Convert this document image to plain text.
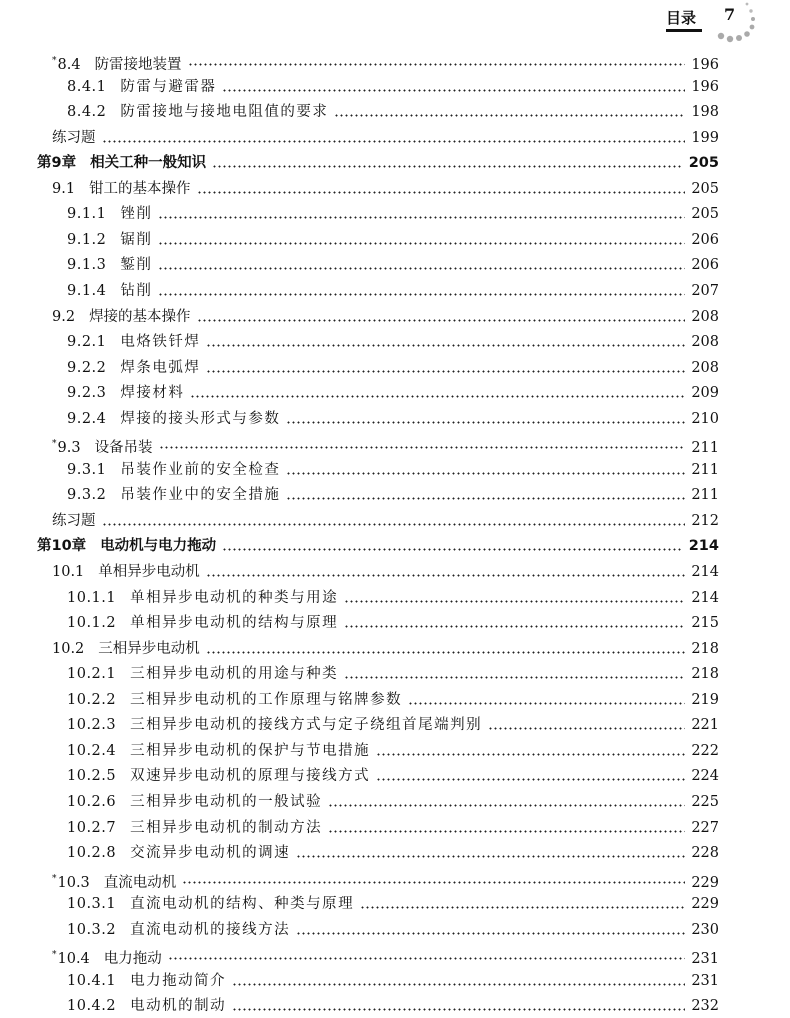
目录 7
*8.4 防雷接地装置	196
8.4.1 防雷与避雷器	196
8.4.2 防雷接地与接地电阻值的要求	198
练习题	199
第9章 相关工种一般知识	205
9.1 钳工的基本操作	205
9.1.1 锉削	205
9.1.2 锯削	206
9.1.3 錾削	206
9.1.4 钻削	207
9.2 焊接的基本操作	208
9.2.1 电烙铁钎焊	208
9.2.2 焊条电弧焊	208
9.2.3 焊接材料	209
9.2.4 焊接的接头形式与参数	210
*9.3 设备吊装	211
9.3.1 吊装作业前的安全检查	211
9.3.2 吊装作业中的安全措施	211
练习题	212
第10章 电动机与电力拖动	214
10.1 单相异步电动机	214
10.1.1 单相异步电动机的种类与用途	214
10.1.2 单相异步电动机的结构与原理	215
10.2 三相异步电动机	218
10.2.1 三相异步电动机的用途与种类	218
10.2.2 三相异步电动机的工作原理与铭牌参数	219
10.2.3 三相异步电动机的接线方式与定子绕组首尾端判别	221
10.2.4 三相异步电动机的保护与节电措施	222
10.2.5 双速异步电动机的原理与接线方式	224
10.2.6 三相异步电动机的一般试验	225
10.2.7 三相异步电动机的制动方法	227
10.2.8 交流异步电动机的调速	228
*10.3 直流电动机	229
10.3.1 直流电动机的结构、种类与原理	229
10.3.2 直流电动机的接线方法	230
*10.4 电力拖动	231
10.4.1 电力拖动简介	231
10.4.2 电动机的制动	232
